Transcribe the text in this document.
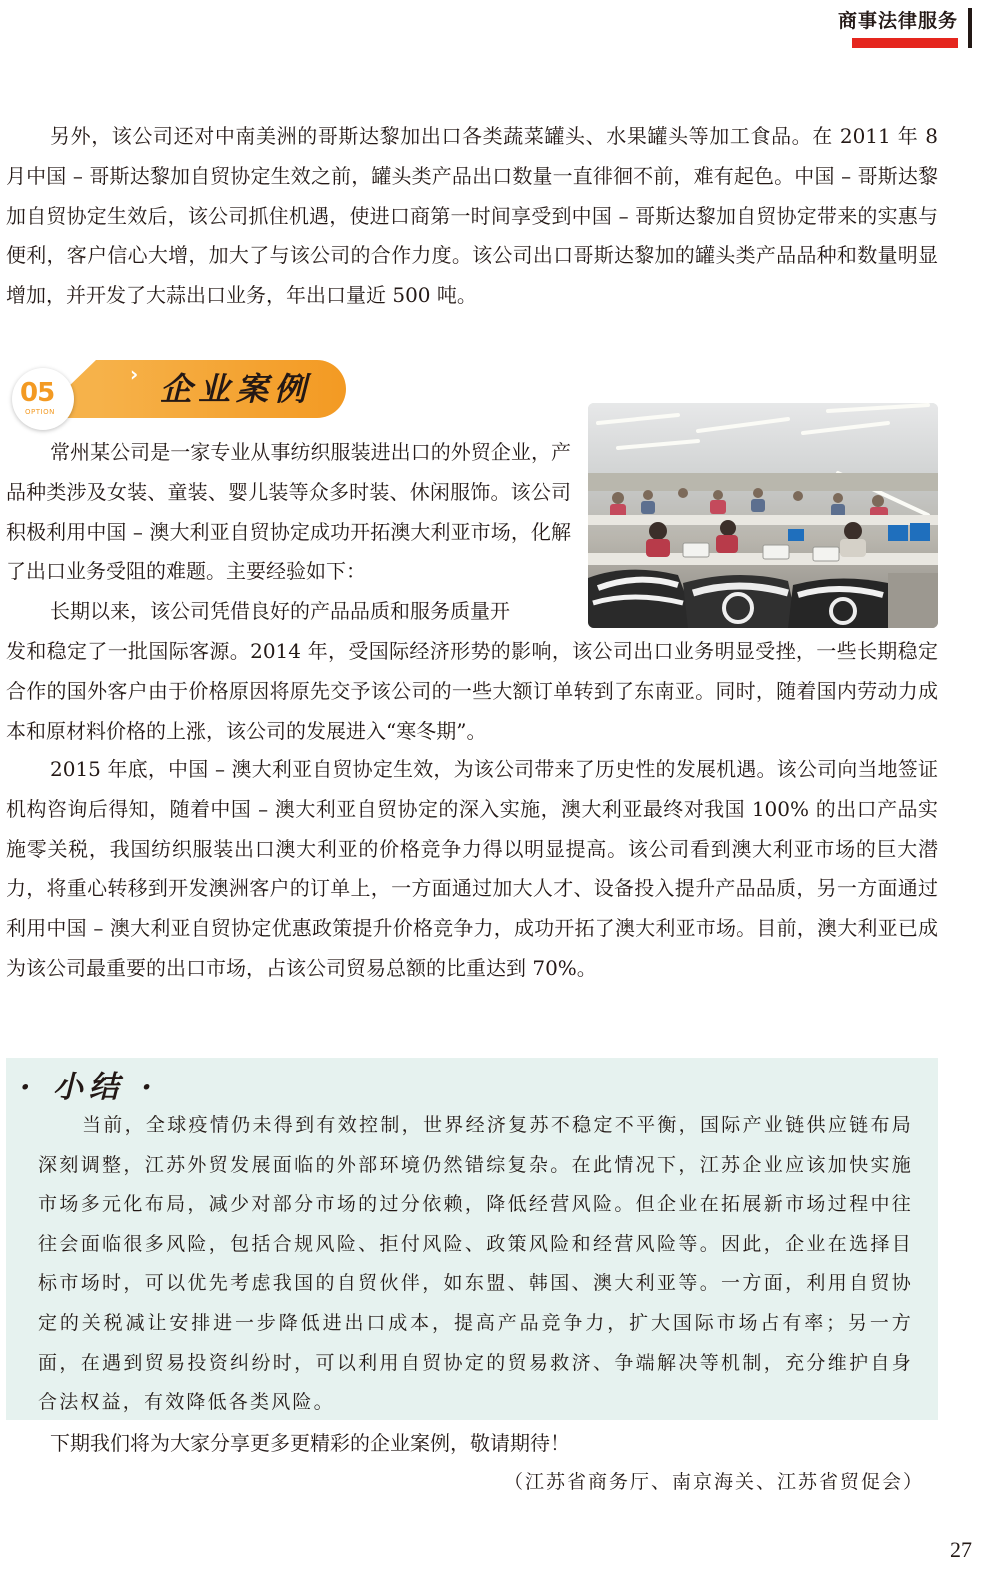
商事法律服务

另外，该公司还对中南美洲的哥斯达黎加出口各类蔬菜罐头、水果罐头等加工食品。在 2011 年 8 月中国 – 哥斯达黎加自贸协定生效之前，罐头类产品出口数量一直徘徊不前，难有起色。中国 – 哥斯达黎加自贸协定生效后，该公司抓住机遇，使进口商第一时间享受到中国 – 哥斯达黎加自贸协定带来的实惠与便利，客户信心大增，加大了与该公司的合作力度。该公司出口哥斯达黎加的罐头类产品品种和数量明显增加，并开发了大蒜出口业务，年出口量近 500 吨。

05
OPTION
› 企业案例

常州某公司是一家专业从事纺织服装进出口的外贸企业，产品种类涉及女装、童装、婴儿装等众多时装、休闲服饰。该公司积极利用中国 – 澳大利亚自贸协定成功开拓澳大利亚市场，化解了出口业务受阻的难题。主要经验如下：

长期以来，该公司凭借良好的产品品质和服务质量开

发和稳定了一批国际客源。2014 年，受国际经济形势的影响，该公司出口业务明显受挫，一些长期稳定合作的国外客户由于价格原因将原先交予该公司的一些大额订单转到了东南亚。同时，随着国内劳动力成本和原材料价格的上涨，该公司的发展进入“寒冬期”。

2015 年底，中国 – 澳大利亚自贸协定生效，为该公司带来了历史性的发展机遇。该公司向当地签证机构咨询后得知，随着中国 – 澳大利亚自贸协定的深入实施，澳大利亚最终对我国 100% 的出口产品实施零关税，我国纺织服装出口澳大利亚的价格竞争力得以明显提高。该公司看到澳大利亚市场的巨大潜力，将重心转移到开发澳洲客户的订单上，一方面通过加大人才、设备投入提升产品品质，另一方面通过利用中国 – 澳大利亚自贸协定优惠政策提升价格竞争力，成功开拓了澳大利亚市场。目前，澳大利亚已成为该公司最重要的出口市场，占该公司贸易总额的比重达到 70%。

· 小结 ·

当前，全球疫情仍未得到有效控制，世界经济复苏不稳定不平衡，国际产业链供应链布局深刻调整，江苏外贸发展面临的外部环境仍然错综复杂。在此情况下，江苏企业应该加快实施市场多元化布局，减少对部分市场的过分依赖，降低经营风险。但企业在拓展新市场过程中往往会面临很多风险，包括合规风险、拒付风险、政策风险和经营风险等。因此，企业在选择目标市场时，可以优先考虑我国的自贸伙伴，如东盟、韩国、澳大利亚等。一方面，利用自贸协定的关税减让安排进一步降低进出口成本，提高产品竞争力，扩大国际市场占有率；另一方面，在遇到贸易投资纠纷时，可以利用自贸协定的贸易救济、争端解决等机制，充分维护自身合法权益，有效降低各类风险。

下期我们将为大家分享更多更精彩的企业案例，敬请期待！
（江苏省商务厅、南京海关、江苏省贸促会）
27
